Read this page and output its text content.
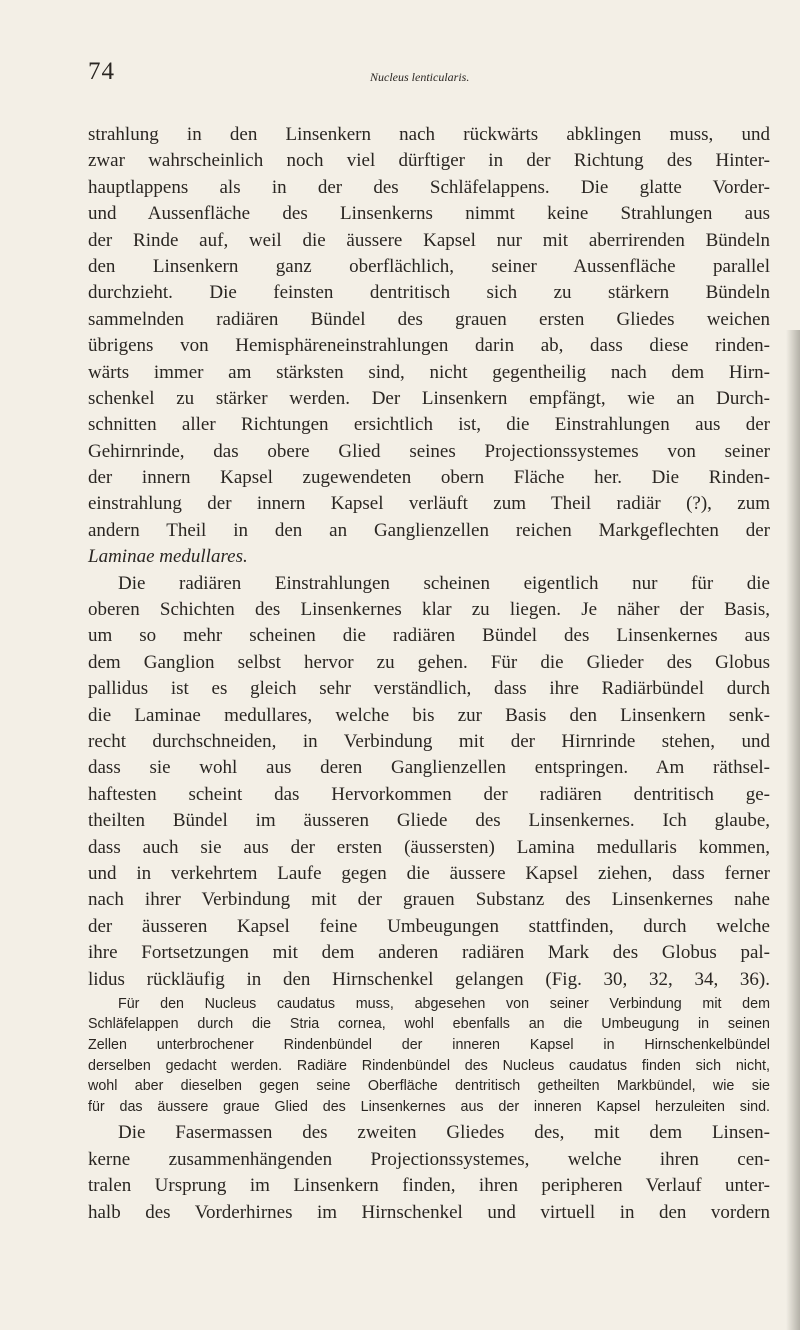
74	Nucleus lenticularis.
strahlung in den Linsenkern nach rückwärts abklingen muss, und
zwar wahrscheinlich noch viel dürftiger in der Richtung des Hinter-
hauptlappens als in der des Schläfelappens. Die glatte Vorder-
und Aussenfläche des Linsenkerns nimmt keine Strahlungen aus
der Rinde auf, weil die äussere Kapsel nur mit aberrirenden Bündeln
den Linsenkern ganz oberflächlich, seiner Aussenfläche parallel
durchzieht. Die feinsten dentritisch sich zu stärkern Bündeln
sammelnden radiären Bündel des grauen ersten Gliedes weichen
übrigens von Hemisphäreneinstrahlungen darin ab, dass diese rinden-
wärts immer am stärksten sind, nicht gegentheilig nach dem Hirn-
schenkel zu stärker werden. Der Linsenkern empfängt, wie an Durch-
schnitten aller Richtungen ersichtlich ist, die Einstrahlungen aus der
Gehirnrinde, das obere Glied seines Projectionssystemes von seiner
der innern Kapsel zugewendeten obern Fläche her. Die Rinden-
einstrahlung der innern Kapsel verläuft zum Theil radiär (?), zum
andern Theil in den an Ganglienzellen reichen Markgeflechten der
Laminae medullares.
Die radiären Einstrahlungen scheinen eigentlich nur für die
oberen Schichten des Linsenkernes klar zu liegen. Je näher der Basis,
um so mehr scheinen die radiären Bündel des Linsenkernes aus
dem Ganglion selbst hervor zu gehen. Für die Glieder des Globus
pallidus ist es gleich sehr verständlich, dass ihre Radiärbündel durch
die Laminae medullares, welche bis zur Basis den Linsenkern senk-
recht durchschneiden, in Verbindung mit der Hirnrinde stehen, und
dass sie wohl aus deren Ganglienzellen entspringen. Am räthsel-
haftesten scheint das Hervorkommen der radiären dentritisch ge-
theilten Bündel im äusseren Gliede des Linsenkernes. Ich glaube,
dass auch sie aus der ersten (äussersten) Lamina medullaris kommen,
und in verkehrtem Laufe gegen die äussere Kapsel ziehen, dass ferner
nach ihrer Verbindung mit der grauen Substanz des Linsenkernes nahe
der äusseren Kapsel feine Umbeugungen stattfinden, durch welche
ihre Fortsetzungen mit dem anderen radiären Mark des Globus pal-
lidus rückläufig in den Hirnschenkel gelangen (Fig. 30, 32, 34, 36).
Für den Nucleus caudatus muss, abgesehen von seiner Verbindung mit dem
Schläfelappen durch die Stria cornea, wohl ebenfalls an die Umbeugung in seinen
Zellen unterbrochener Rindenbündel der inneren Kapsel in Hirnschenkelbündel
derselben gedacht werden. Radiäre Rindenbündel des Nucleus caudatus finden sich nicht,
wohl aber dieselben gegen seine Oberfläche dentritisch getheilten Markbündel, wie sie
für das äussere graue Glied des Linsenkernes aus der inneren Kapsel herzuleiten sind.
Die Fasermassen des zweiten Gliedes des, mit dem Linsen-
kerne zusammenhängenden Projectionssystemes, welche ihren cen-
tralen Ursprung im Linsenkern finden, ihren peripheren Verlauf unter-
halb des Vorderhirnes im Hirnschenkel und virtuell in den vordern
